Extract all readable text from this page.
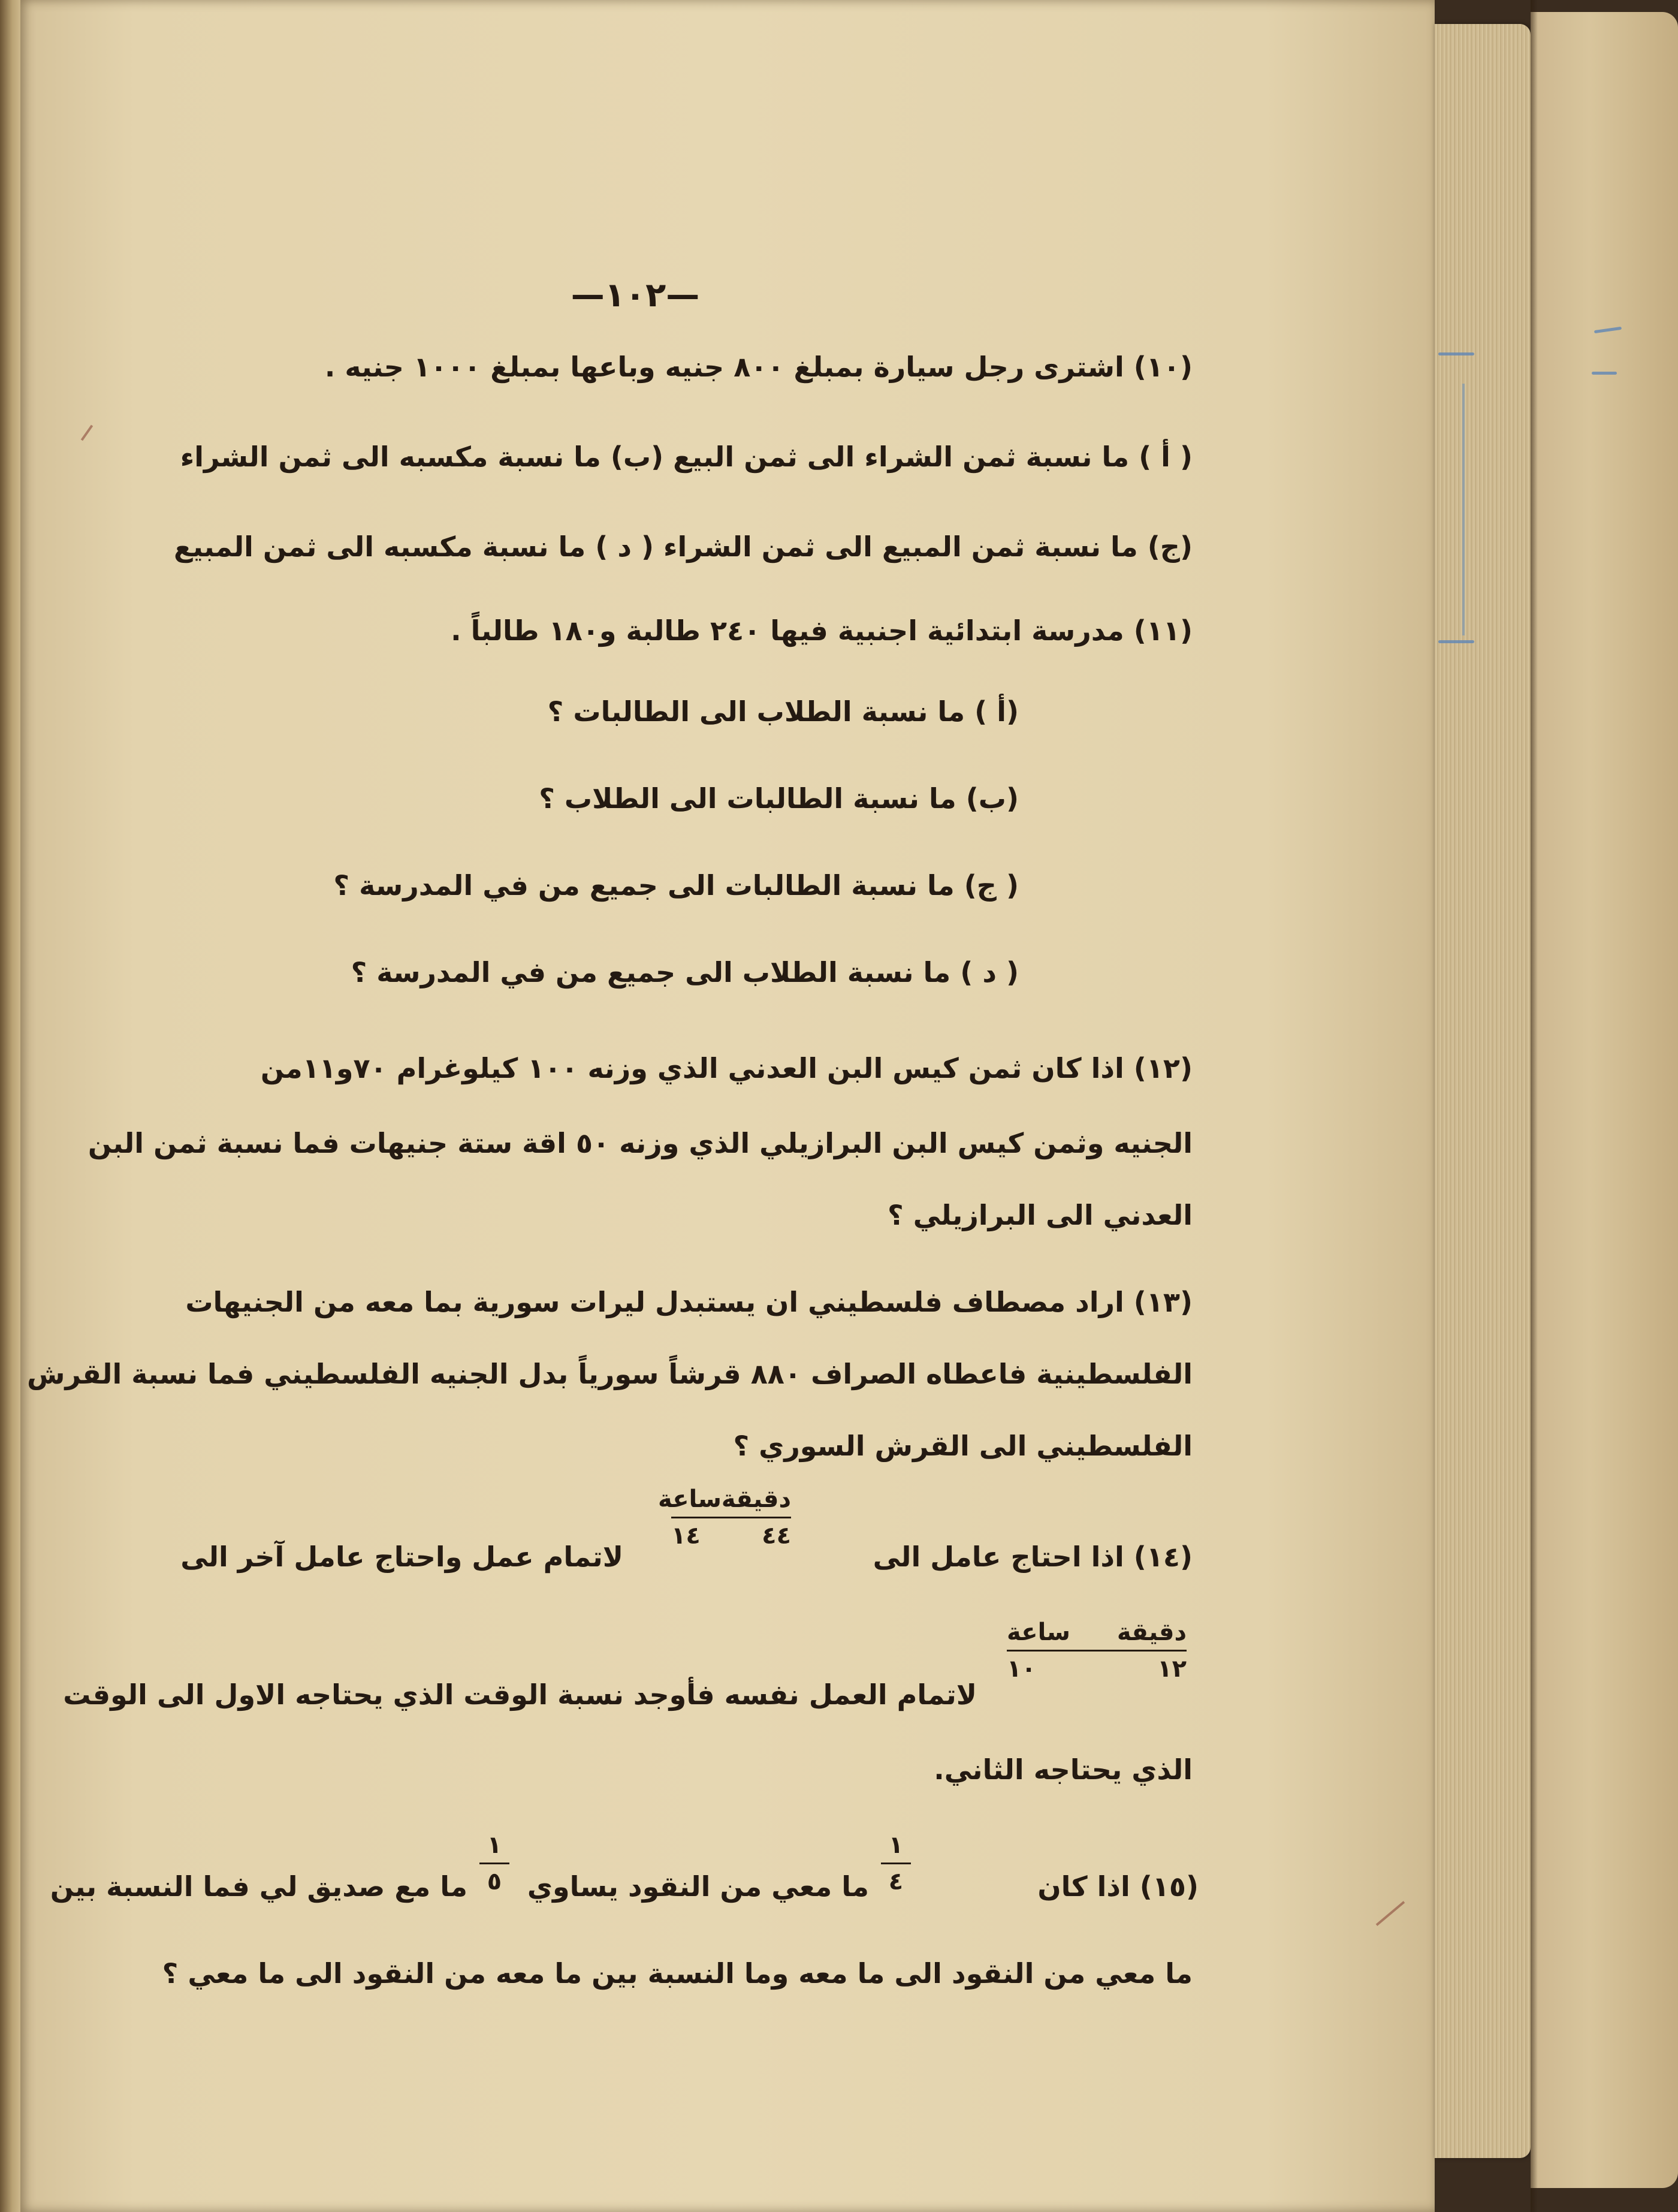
—١٠٢—
(١٠) اشترى رجل سيارة بمبلغ ٨٠٠ جنيه وباعها بمبلغ ١٠٠٠ جنيه .
( أ ) ما نسبة ثمن الشراء الى ثمن البيع (ب) ما نسبة مكسبه الى ثمن الشراء
(ج) ما نسبة ثمن المبيع الى ثمن الشراء ( د ) ما نسبة مكسبه الى ثمن المبيع
(١١) مدرسة ابتدائية اجنبية فيها ٢٤٠ طالبة و١٨٠ طالباً .
(أ ) ما نسبة الطلاب الى الطالبات ؟
(ب) ما نسبة الطالبات الى الطلاب ؟
( ج) ما نسبة الطالبات الى جميع من في المدرسة ؟
( د ) ما نسبة الطلاب الى جميع من في المدرسة ؟
(١٢) اذا كان ثمن كيس البن العدني الذي وزنه ١٠٠ كيلوغرام ٧٠و١١من
الجنيه وثمن كيس البن البرازيلي الذي وزنه ٥٠ اقة ستة جنيهات فما نسبة ثمن البن
العدني الى البرازيلي ؟
(١٣) اراد مصطاف فلسطيني ان يستبدل ليرات سورية بما معه من الجنيهات
الفلسطينية فاعطاه الصراف ٨٨٠ قرشاً سورياً بدل الجنيه الفلسطيني فما نسبة القرش
الفلسطيني الى القرش السوري ؟
(١٤) اذا احتاج عامل الى
دقيقة
ساعة
٤٤
١٤
لاتمام عمل واحتاج عامل آخر الى
دقيقة
ساعة
١٢
١٠
لاتمام العمل نفسه فأوجد نسبة الوقت الذي يحتاجه الاول الى الوقت
الذي يحتاجه الثاني.
(١٥) اذا كان
١
٤
ما معي من النقود يساوي
١
٥
ما مع صديق لي فما النسبة بين
ما معي من النقود الى ما معه وما النسبة بين ما معه من النقود الى ما معي ؟
